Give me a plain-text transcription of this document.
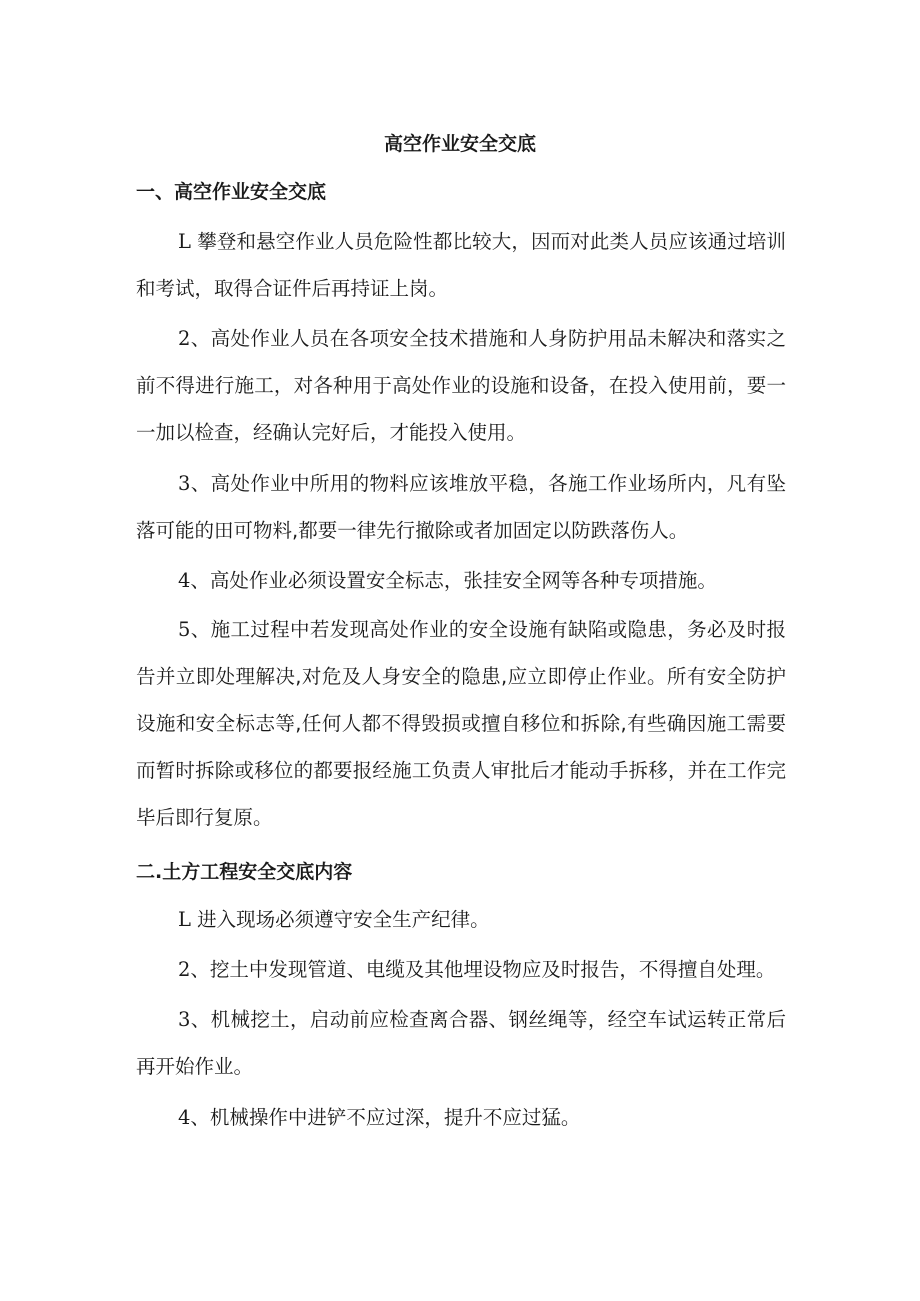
高空作业安全交底
一、高空作业安全交底

L 攀登和悬空作业人员危险性都比较大，因而对此类人员应该通过培训和考试，取得合证件后再持证上岗。

2、高处作业人员在各项安全技术措施和人身防护用品未解决和落实之前不得进行施工，对各种用于高处作业的设施和设备，在投入使用前，要一一加以检查，经确认完好后，才能投入使用。

3、高处作业中所用的物料应该堆放平稳，各施工作业场所内，凡有坠落可能的田可物料,都要一律先行撤除或者加固定以防跌落伤人。

4、高处作业必须设置安全标志，张挂安全网等各种专项措施。

5、施工过程中若发现高处作业的安全设施有缺陷或隐患，务必及时报告并立即处理解决,对危及人身安全的隐患,应立即停止作业。所有安全防护设施和安全标志等,任何人都不得毁损或擅自移位和拆除,有些确因施工需要而暂时拆除或移位的都要报经施工负责人审批后才能动手拆移，并在工作完毕后即行复原。

二.土方工程安全交底内容

L 进入现场必须遵守安全生产纪律。

2、挖土中发现管道、电缆及其他埋设物应及时报告，不得擅自处理。

3、机械挖土，启动前应检查离合器、钢丝绳等，经空车试运转正常后再开始作业。

4、机械操作中进铲不应过深，提升不应过猛。
